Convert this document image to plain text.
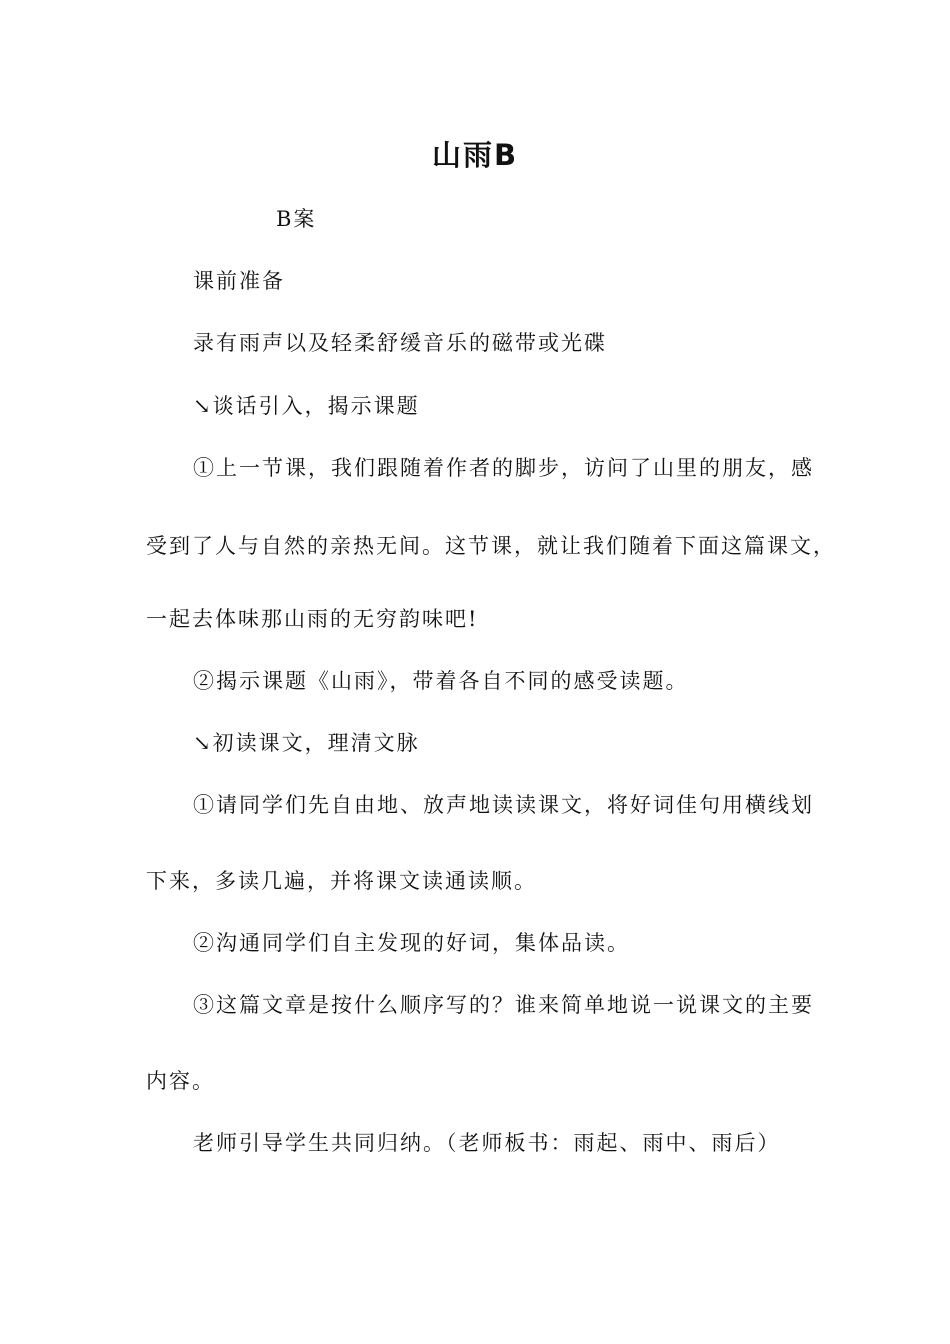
山雨B
B案
课前准备
录有雨声以及轻柔舒缓音乐的磁带或光碟
↘谈话引入，揭示课题
①上一节课，我们跟随着作者的脚步，访问了山里的朋友，感
受到了人与自然的亲热无间。这节课，就让我们随着下面这篇课文，
一起去体味那山雨的无穷韵味吧!
②揭示课题《山雨》，带着各自不同的感受读题。
↘初读课文，理清文脉
①请同学们先自由地、放声地读读课文，将好词佳句用横线划
下来，多读几遍，并将课文读通读顺。
②沟通同学们自主发现的好词，集体品读。
③这篇文章是按什么顺序写的？谁来简单地说一说课文的主要
内容。
老师引导学生共同归纳。（老师板书：雨起、雨中、雨后）
